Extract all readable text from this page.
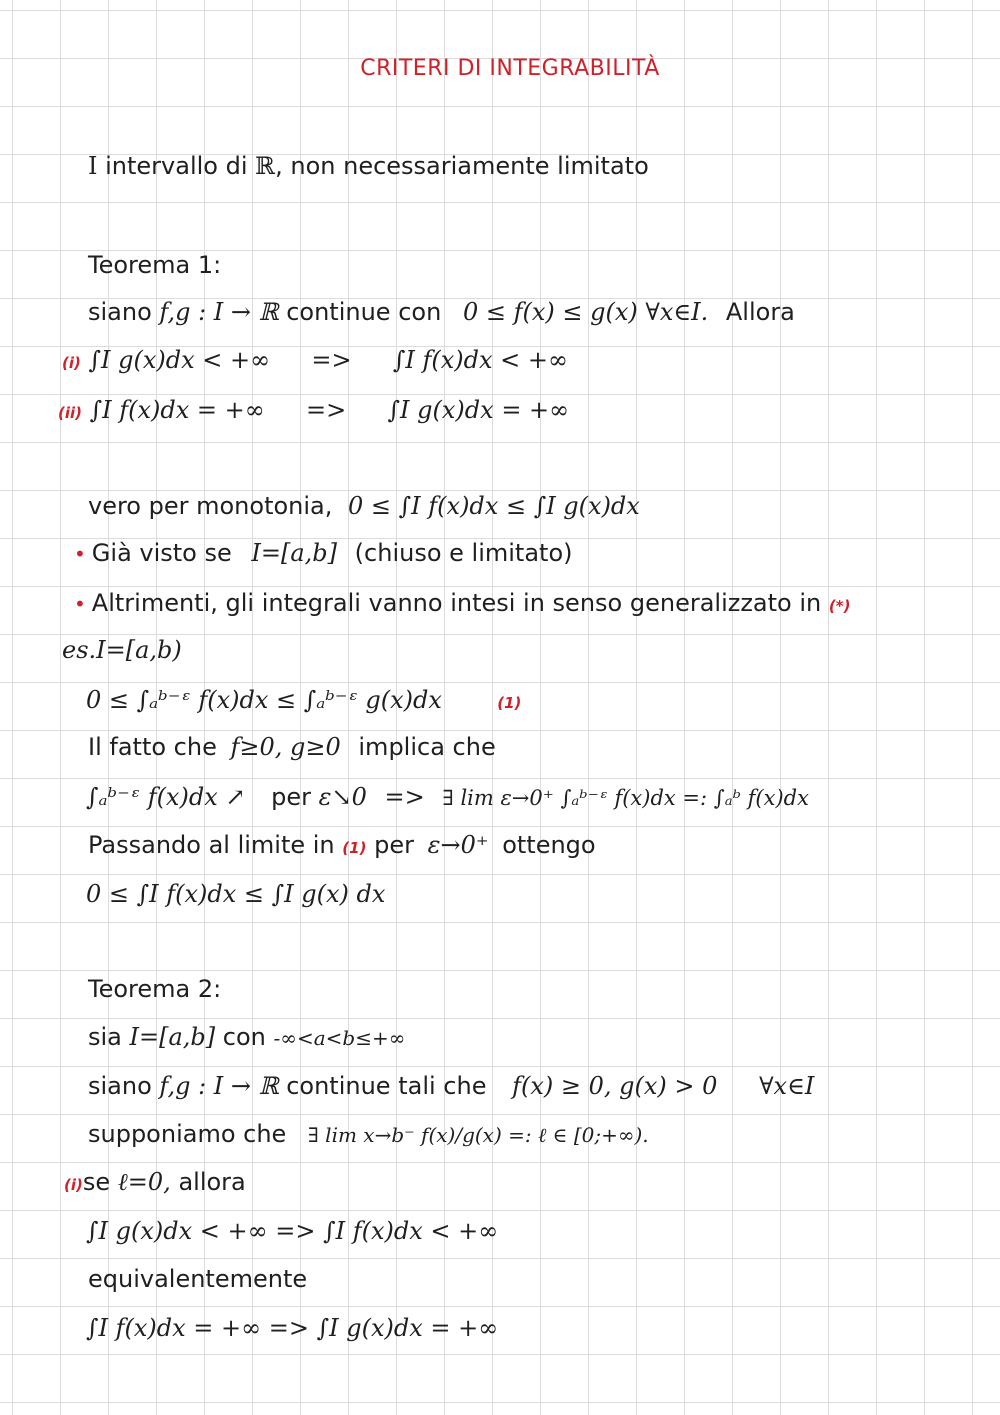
CRITERI DI INTEGRABILITÀ
I intervallo di ℝ, non necessariamente limitato
Teorema 1:
siano f,g : I → ℝ continue con 0 ≤ f(x) ≤ g(x) ∀x∈I. Allora
(i) ∫I g(x)dx < +∞ => ∫I f(x)dx < +∞
(ii) ∫I f(x)dx = +∞ => ∫I g(x)dx = +∞
vero per monotonia, 0 ≤ ∫I f(x)dx ≤ ∫I g(x)dx
• Già visto se I=[a,b] (chiuso e limitato)
• Altrimenti, gli integrali vanno intesi in senso generalizzato in (*)
es.I=[a,b)
0 ≤ ∫ₐᵇ⁻ᵋ f(x)dx ≤ ∫ₐᵇ⁻ᵋ g(x)dx	(1)
Il fatto che f≥0, g≥0 implica che
∫ₐᵇ⁻ᵋ f(x)dx ↗ per ε↘0 => ∃ lim ε→0⁺ ∫ₐᵇ⁻ᵋ f(x)dx =: ∫ₐᵇ f(x)dx
Passando al limite in (1) per ε→0⁺ ottengo
0 ≤ ∫I f(x)dx ≤ ∫I g(x) dx
Teorema 2:
sia I=[a,b] con -∞<a<b≤+∞
siano f,g : I → ℝ continue tali che f(x) ≥ 0, g(x) > 0 ∀x∈I
supponiamo che ∃ lim x→b⁻ f(x)/g(x) =: ℓ ∈ [0;+∞).
(i)se ℓ=0, allora
∫I g(x)dx < +∞ => ∫I f(x)dx < +∞
equivalentemente
∫I f(x)dx = +∞ => ∫I g(x)dx = +∞
